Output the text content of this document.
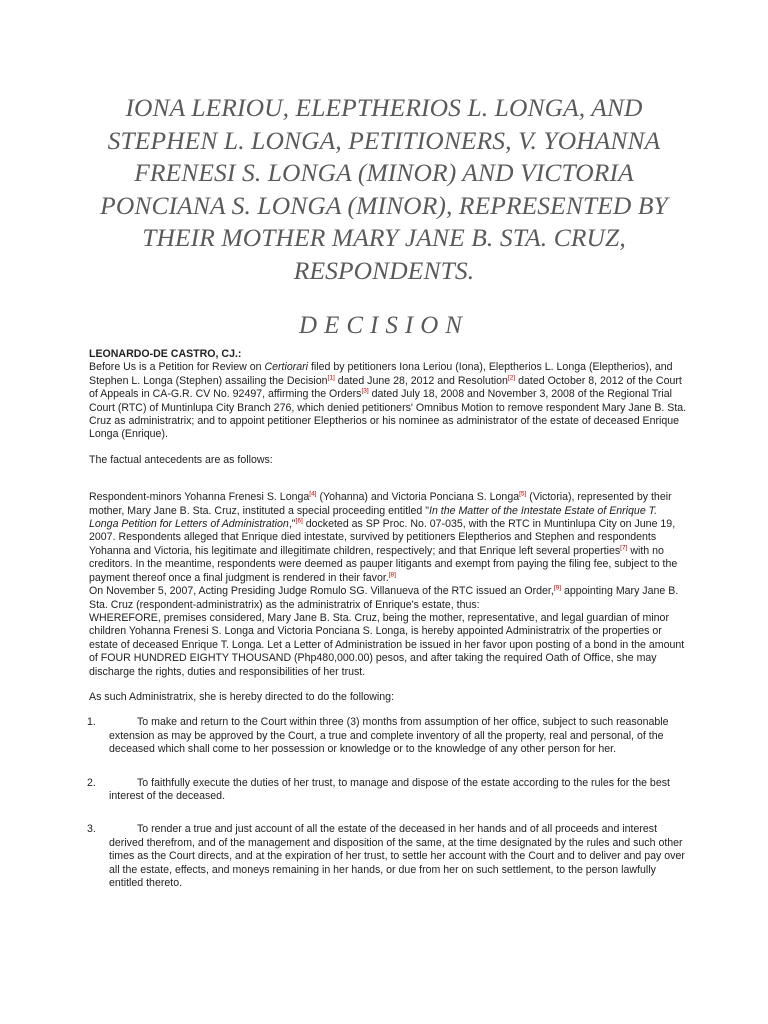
IONA LERIOU, ELEPTHERIOS L. LONGA, AND STEPHEN L. LONGA, PETITIONERS, V. YOHANNA FRENESI S. LONGA (MINOR) AND VICTORIA PONCIANA S. LONGA (MINOR), REPRESENTED BY THEIR MOTHER MARY JANE B. STA. CRUZ, RESPONDENTS.
DECISION

LEONARDO-DE CASTRO, CJ.:

Before Us is a Petition for Review on Certiorari filed by petitioners Iona Leriou (Iona), Eleptherios L. Longa (Eleptherios), and Stephen L. Longa (Stephen) assailing the Decision[1] dated June 28, 2012 and Resolution[2] dated October 8, 2012 of the Court of Appeals in CA-G.R. CV No. 92497, affirming the Orders[3] dated July 18, 2008 and November 3, 2008 of the Regional Trial Court (RTC) of Muntinlupa City Branch 276, which denied petitioners' Omnibus Motion to remove respondent Mary Jane B. Sta. Cruz as administratrix; and to appoint petitioner Eleptherios or his nominee as administrator of the estate of deceased Enrique Longa (Enrique).

The factual antecedents are as follows:

Respondent-minors Yohanna Frenesi S. Longa[4] (Yohanna) and Victoria Ponciana S. Longa[5] (Victoria), represented by their mother, Mary Jane B. Sta. Cruz, instituted a special proceeding entitled "In the Matter of the Intestate Estate of Enrique T. Longa Petition for Letters of Administration,"[6] docketed as SP Proc. No. 07-035, with the RTC in Muntinlupa City on June 19, 2007. Respondents alleged that Enrique died intestate, survived by petitioners Eleptherios and Stephen and respondents Yohanna and Victoria, his legitimate and illegitimate children, respectively; and that Enrique left several properties[7] with no creditors. In the meantime, respondents were deemed as pauper litigants and exempt from paying the filing fee, subject to the payment thereof once a final judgment is rendered in their favor.[8]

On November 5, 2007, Acting Presiding Judge Romulo SG. Villanueva of the RTC issued an Order,[9] appointing Mary Jane B. Sta. Cruz (respondent-administratrix) as the administratrix of Enrique's estate, thus:

WHEREFORE, premises considered, Mary Jane B. Sta. Cruz, being the mother, representative, and legal guardian of minor children Yohanna Frenesi S. Longa and Victoria Ponciana S. Longa, is hereby appointed Administratrix of the properties or estate of deceased Enrique T. Longa. Let a Letter of Administration be issued in her favor upon posting of a bond in the amount of FOUR HUNDRED EIGHTY THOUSAND (Php480,000.00) pesos, and after taking the required Oath of Office, she may discharge the rights, duties and responsibilities of her trust.

As such Administratrix, she is hereby directed to do the following:

1.	To make and return to the Court within three (3) months from assumption of her office, subject to such reasonable extension as may be approved by the Court, a true and complete inventory of all the property, real and personal, of the deceased which shall come to her possession or knowledge or to the knowledge of any other person for her.
2.	To faithfully execute the duties of her trust, to manage and dispose of the estate according to the rules for the best interest of the deceased.
3.	To render a true and just account of all the estate of the deceased in her hands and of all proceeds and interest derived therefrom, and of the management and disposition of the same, at the time designated by the rules and such other times as the Court directs, and at the expiration of her trust, to settle her account with the Court and to deliver and pay over all the estate, effects, and moneys remaining in her hands, or due from her on such settlement, to the person lawfully entitled thereto.
